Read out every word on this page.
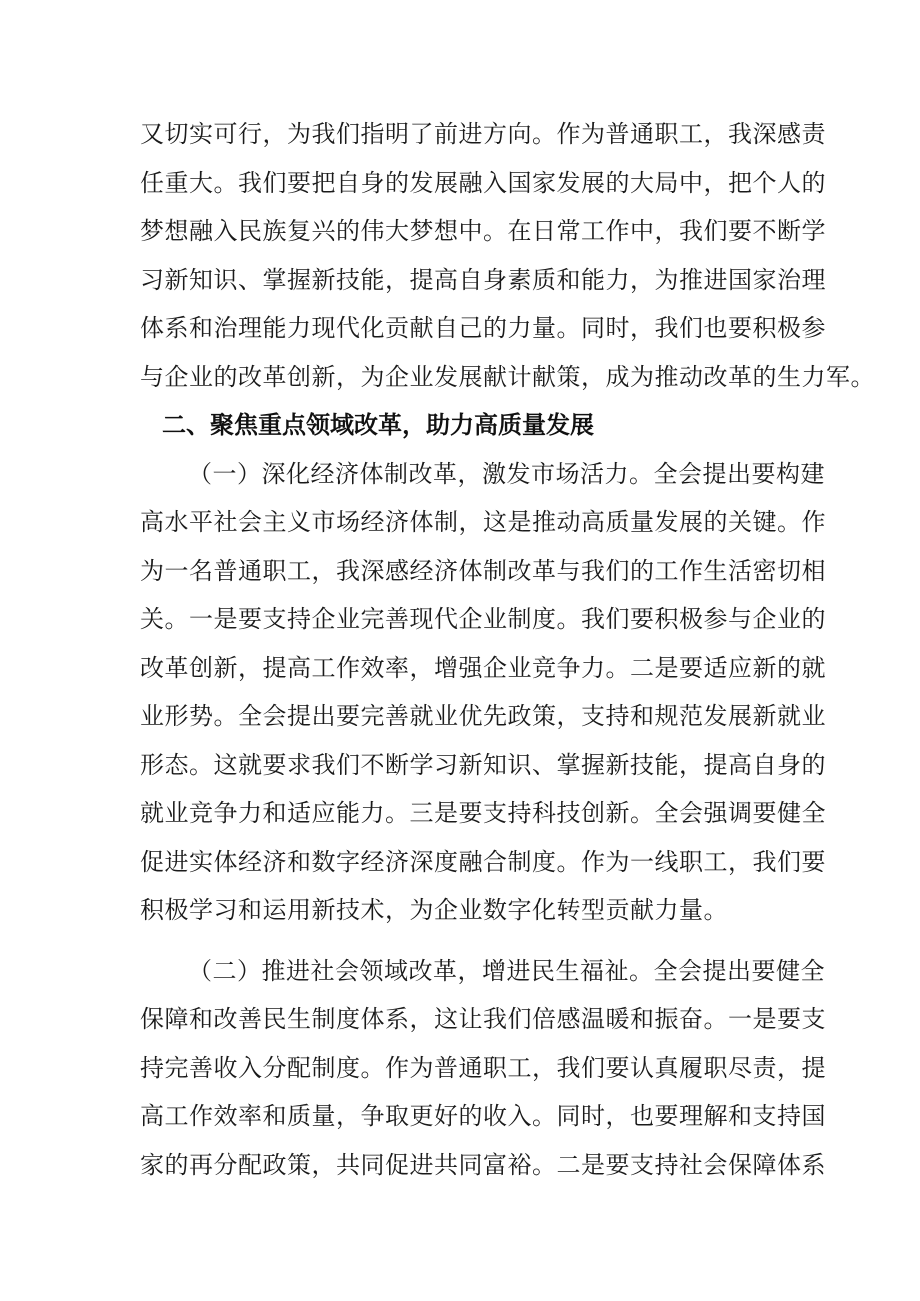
又切实可行，为我们指明了前进方向。作为普通职工，我深感责
任重大。我们要把自身的发展融入国家发展的大局中，把个人的
梦想融入民族复兴的伟大梦想中。在日常工作中，我们要不断学
习新知识、掌握新技能，提高自身素质和能力，为推进国家治理
体系和治理能力现代化贡献自己的力量。同时，我们也要积极参
与企业的改革创新，为企业发展献计献策，成为推动改革的生力军。
二、聚焦重点领域改革，助力高质量发展
（一）深化经济体制改革，激发市场活力。全会提出要构建
高水平社会主义市场经济体制，这是推动高质量发展的关键。作
为一名普通职工，我深感经济体制改革与我们的工作生活密切相
关。一是要支持企业完善现代企业制度。我们要积极参与企业的
改革创新，提高工作效率，增强企业竞争力。二是要适应新的就
业形势。全会提出要完善就业优先政策，支持和规范发展新就业
形态。这就要求我们不断学习新知识、掌握新技能，提高自身的
就业竞争力和适应能力。三是要支持科技创新。全会强调要健全
促进实体经济和数字经济深度融合制度。作为一线职工，我们要
积极学习和运用新技术，为企业数字化转型贡献力量。
（二）推进社会领域改革，增进民生福祉。全会提出要健全
保障和改善民生制度体系，这让我们倍感温暖和振奋。一是要支
持完善收入分配制度。作为普通职工，我们要认真履职尽责，提
高工作效率和质量，争取更好的收入。同时，也要理解和支持国
家的再分配政策，共同促进共同富裕。二是要支持社会保障体系
